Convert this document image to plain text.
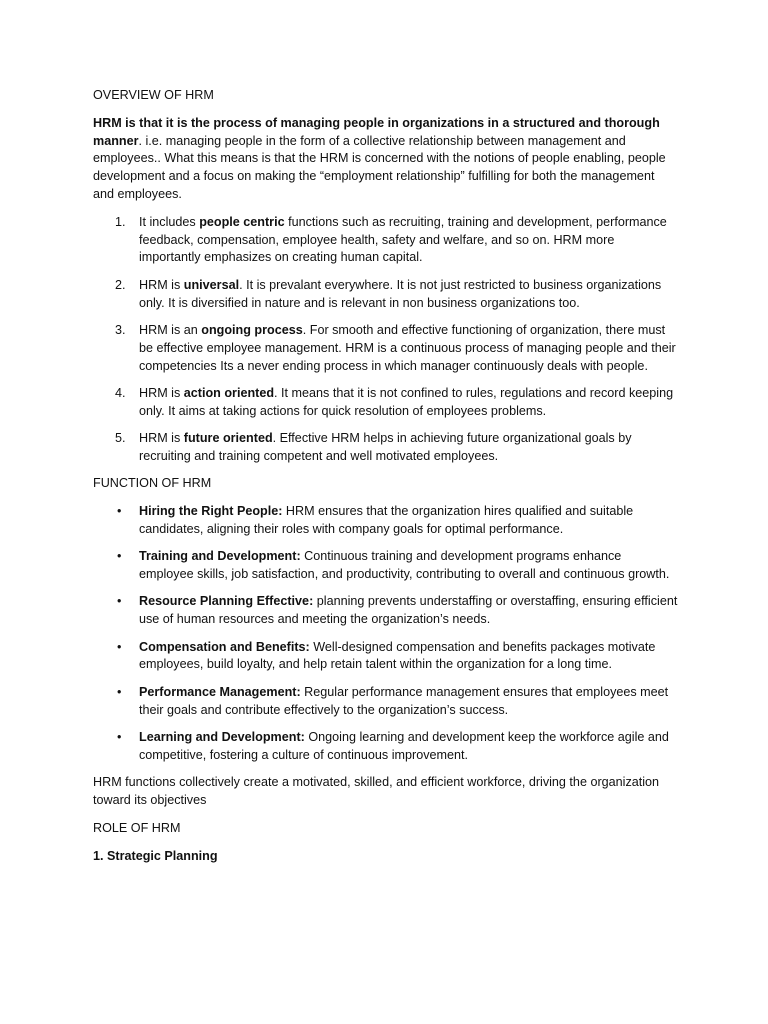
OVERVIEW OF HRM

HRM is that it is the process of managing people in organizations in a structured and thorough manner. i.e. managing people in the form of a collective relationship between management and employees.. What this means is that the HRM is concerned with the notions of people enabling, people development and a focus on making the “employment relationship” fulfilling for both the management and employees.

1. It includes people centric functions such as recruiting, training and development, performance feedback, compensation, employee health, safety and welfare, and so on. HRM more importantly emphasizes on creating human capital.
2. HRM is universal. It is prevalant everywhere. It is not just restricted to business organizations only. It is diversified in nature and is relevant in non business organizations too.
3. HRM is an ongoing process. For smooth and effective functioning of organization, there must be effective employee management. HRM is a continuous process of managing people and their competencies Its a never ending process in which manager continuously deals with people.
4. HRM is action oriented. It means that it is not confined to rules, regulations and record keeping only. It aims at taking actions for quick resolution of employees problems.
5. HRM is future oriented. Effective HRM helps in achieving future organizational goals by recruiting and training competent and well motivated employees.
FUNCTION OF HRM
• Hiring the Right People: HRM ensures that the organization hires qualified and suitable candidates, aligning their roles with company goals for optimal performance.
• Training and Development: Continuous training and development programs enhance employee skills, job satisfaction, and productivity, contributing to overall and continuous growth.
• Resource Planning Effective: planning prevents understaffing or overstaffing, ensuring efficient use of human resources and meeting the organization’s needs.
• Compensation and Benefits: Well-designed compensation and benefits packages motivate employees, build loyalty, and help retain talent within the organization for a long time.
• Performance Management: Regular performance management ensures that employees meet their goals and contribute effectively to the organization’s success.
• Learning and Development: Ongoing learning and development keep the workforce agile and competitive, fostering a culture of continuous improvement.

HRM functions collectively create a motivated, skilled, and efficient workforce, driving the organization toward its objectives

ROLE OF HRM

1. Strategic Planning
